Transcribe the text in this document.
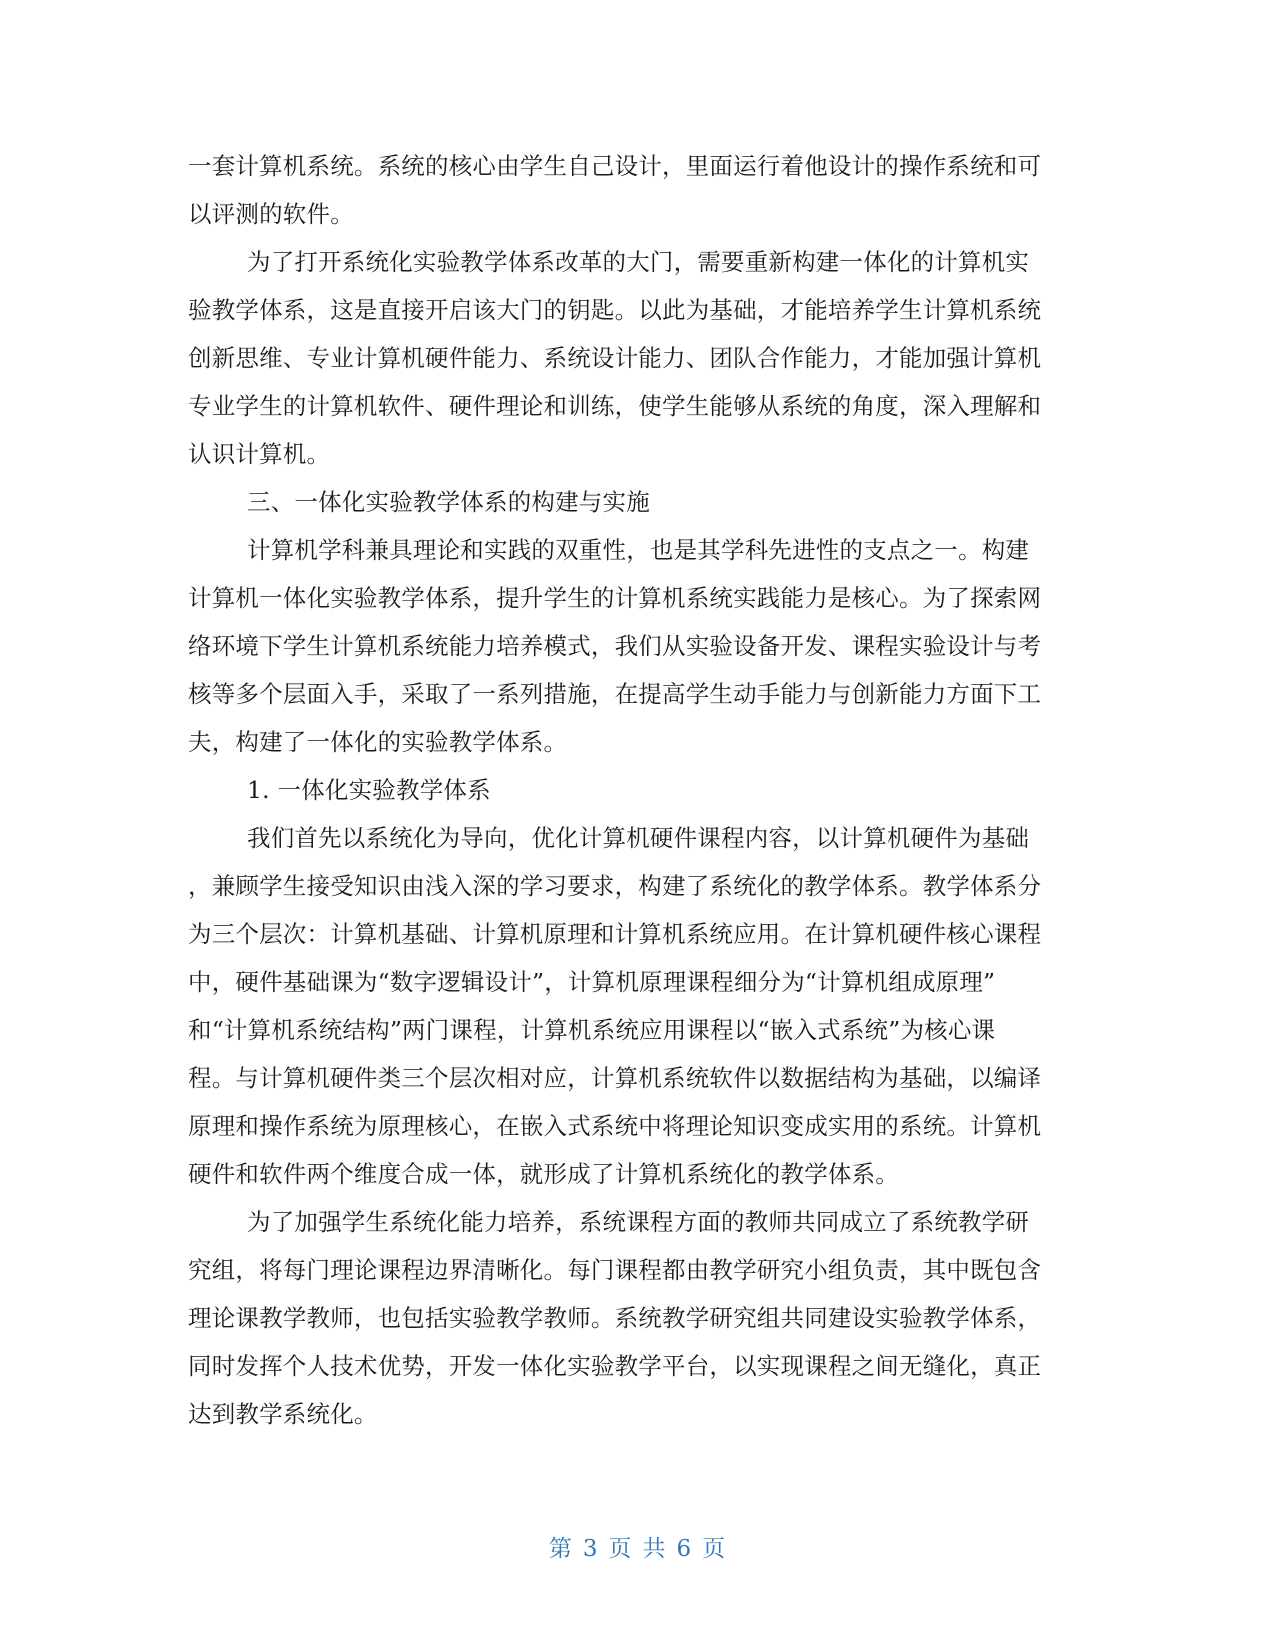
一套计算机系统。系统的核心由学生自己设计，里面运行着他设计的操作系统和可
以评测的软件。
为了打开系统化实验教学体系改革的大门，需要重新构建一体化的计算机实
验教学体系，这是直接开启该大门的钥匙。以此为基础，才能培养学生计算机系统
创新思维、专业计算机硬件能力、系统设计能力、团队合作能力，才能加强计算机
专业学生的计算机软件、硬件理论和训练，使学生能够从系统的角度，深入理解和
认识计算机。
三、一体化实验教学体系的构建与实施
计算机学科兼具理论和实践的双重性，也是其学科先进性的支点之一。构建
计算机一体化实验教学体系，提升学生的计算机系统实践能力是核心。为了探索网
络环境下学生计算机系统能力培养模式，我们从实验设备开发、课程实验设计与考
核等多个层面入手，采取了一系列措施，在提高学生动手能力与创新能力方面下工
夫，构建了一体化的实验教学体系。
1. 一体化实验教学体系
我们首先以系统化为导向，优化计算机硬件课程内容，以计算机硬件为基础
，兼顾学生接受知识由浅入深的学习要求，构建了系统化的教学体系。教学体系分
为三个层次：计算机基础、计算机原理和计算机系统应用。在计算机硬件核心课程
中，硬件基础课为“数字逻辑设计”，计算机原理课程细分为“计算机组成原理”
和“计算机系统结构”两门课程，计算机系统应用课程以“嵌入式系统”为核心课
程。与计算机硬件类三个层次相对应，计算机系统软件以数据结构为基础，以编译
原理和操作系统为原理核心，在嵌入式系统中将理论知识变成实用的系统。计算机
硬件和软件两个维度合成一体，就形成了计算机系统化的教学体系。
为了加强学生系统化能力培养，系统课程方面的教师共同成立了系统教学研
究组，将每门理论课程边界清晰化。每门课程都由教学研究小组负责，其中既包含
理论课教学教师，也包括实验教学教师。系统教学研究组共同建设实验教学体系，
同时发挥个人技术优势，开发一体化实验教学平台，以实现课程之间无缝化，真正
达到教学系统化。
第 3 页 共 6 页
